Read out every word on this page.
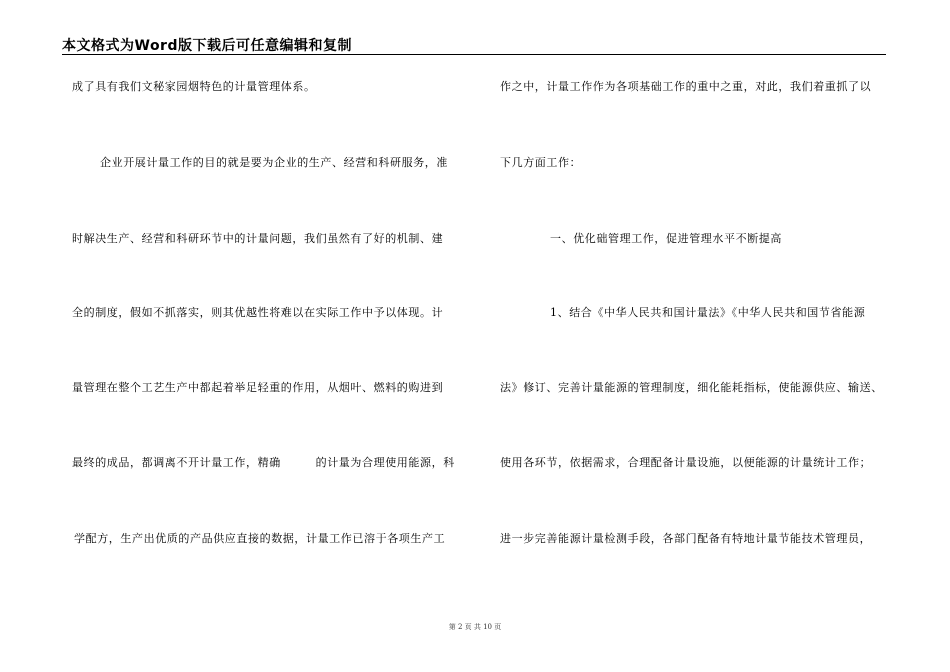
本文格式为Word版下载后可任意编辑和复制
成了具有我们文秘家园烟特色的计量管理体系。
企业开展计量工作的目的就是要为企业的生产、经营和科研服务，准
时解决生产、经营和科研环节中的计量问题，我们虽然有了好的机制、建
全的制度，假如不抓落实，则其优越性将难以在实际工作中予以体现。计
量管理在整个工艺生产中都起着举足轻重的作用，从烟叶、燃料的购进到
最终的成品，都调离不开计量工作，精确　　　的计量为合理使用能源，科
学配方，生产出优质的产品供应直接的数据，计量工作已溶于各项生产工
作之中，计量工作作为各项基础工作的重中之重，对此，我们着重抓了以
下几方面工作：
一、优化础管理工作，促进管理水平不断提高
1、结合《中华人民共和国计量法》《中华人民共和国节省能源
法》修订、完善计量能源的管理制度，细化能耗指标，使能源供应、输送、
使用各环节，依据需求，合理配备计量设施，以便能源的计量统计工作；
进一步完善能源计量检测手段，各部门配备有特地计量节能技术管理员，
第 2 页 共 10 页
